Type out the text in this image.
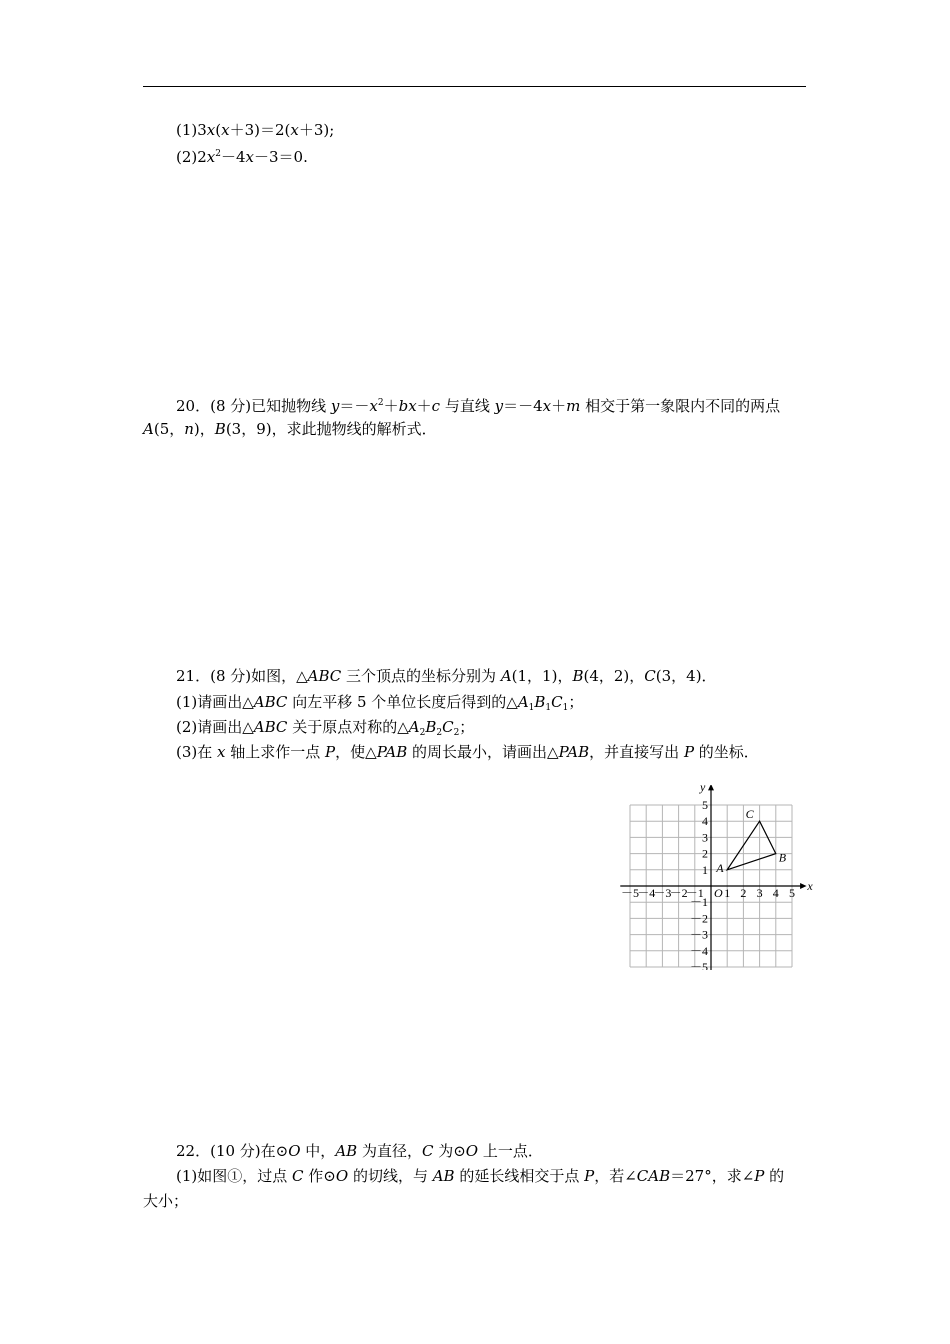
(1)3x(x＋3)＝2(x＋3);
$(2)2x^2-4x-3=0$.
20．(8 分)已知抛物线 $y=-x^2+bx+c$ 与直线 y＝－4x＋m 相交于第一象限内不同的两点
A(5，n)，B(3，9)，求此抛物线的解析式．
21．(8 分)如图，△ABC 三个顶点的坐标分别为 A(1，1)，B(4，2)，C(3，4)．
(1)请画出△ABC 向左平移 5 个单位长度后得到的$\triangle A_1B_1C_1$；
(2)请画出△ABC 关于原点对称的$\triangle A_2B_2C_2$；
(3)在 x 轴上求作一点 P，使△PAB 的周长最小，请画出△PAB，并直接写出 P 的坐标．
－5
－4
－3
－2
－1 1 2 3 4 5
5
4
3
2
1
－1
－2
－3
－4
－5
x
y
O
A
B
C
22．(10 分)在⊙O 中，AB 为直径，C 为⊙O 上一点．
(1)如图①，过点 C 作⊙O 的切线，与 AB 的延长线相交于点 P，若∠CAB＝27°，求∠P 的
大小；
